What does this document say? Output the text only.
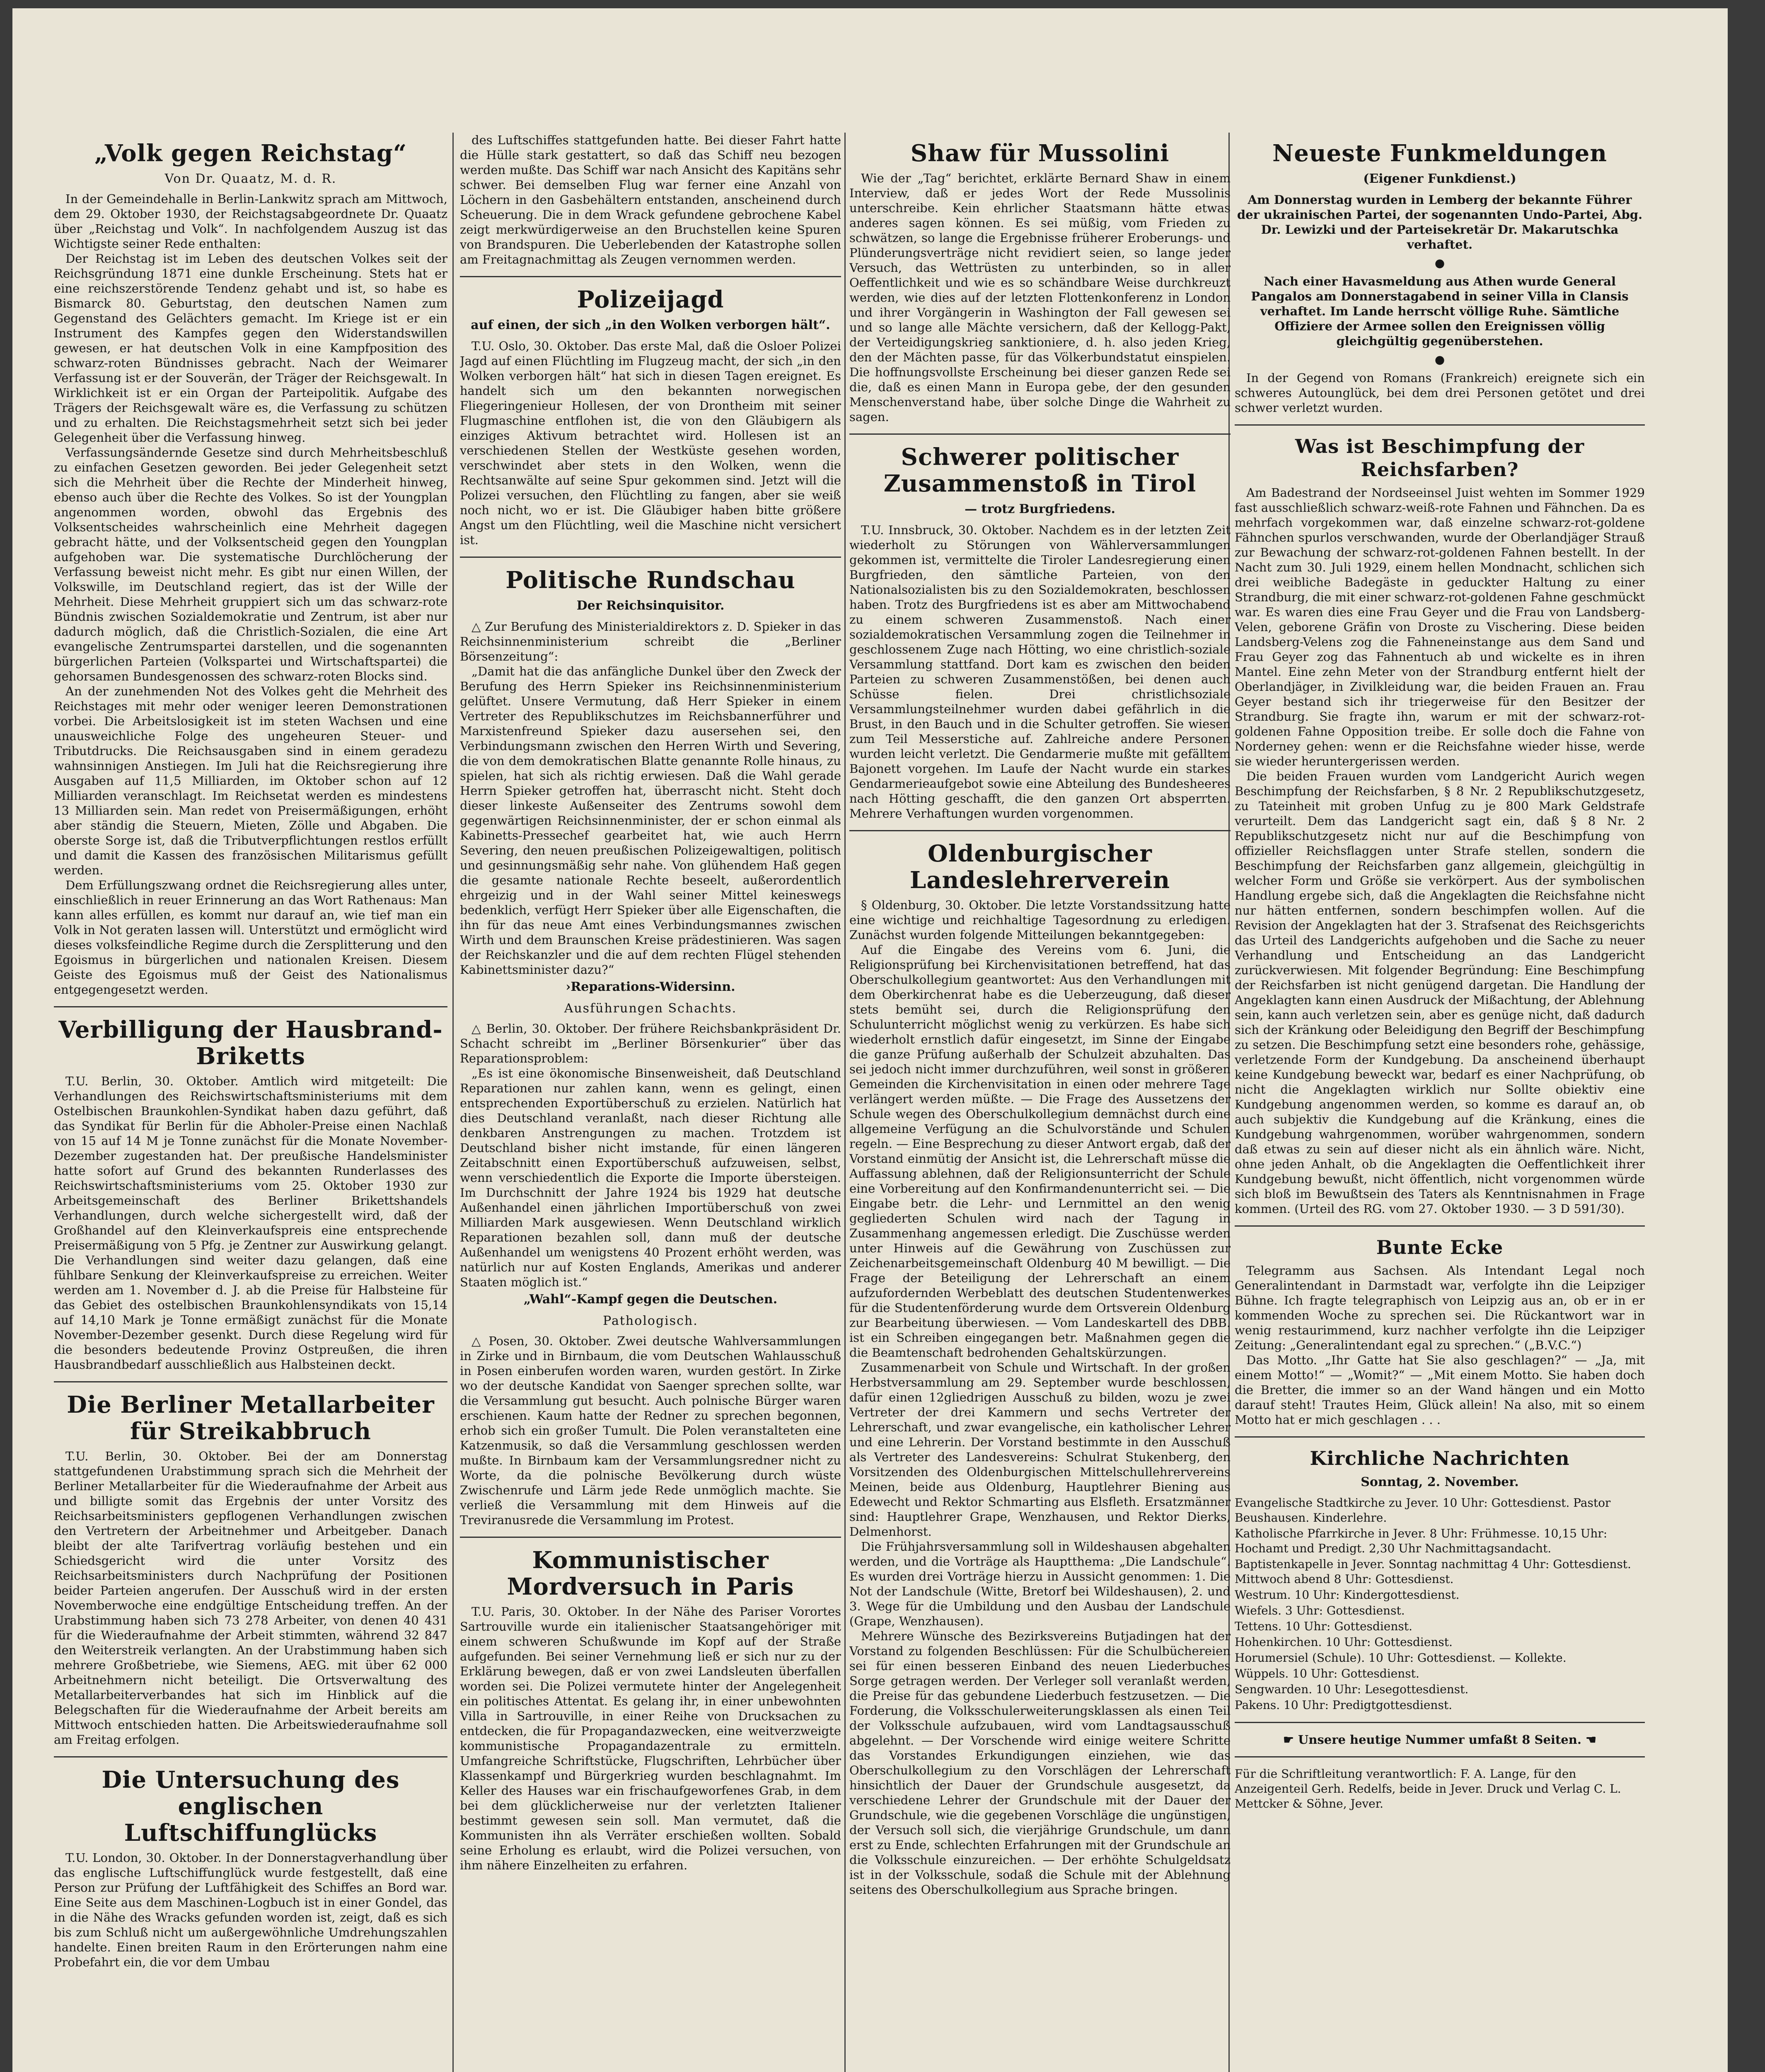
„Volk gegen Reichstag“
Von Dr. Quaatz, M. d. R.
In der Gemeindehalle in Berlin-Lankwitz sprach am Mittwoch, dem 29. Oktober 1930, der Reichstagsabgeordnete Dr. Quaatz über „Reichstag und Volk“. In nachfolgendem Auszug ist das Wichtigste seiner Rede enthalten:
Der Reichstag ist im Leben des deutschen Volkes seit der Reichsgründung 1871 eine dunkle Erscheinung. Stets hat er eine reichszerstörende Tendenz gehabt und ist, so habe es Bismarck 80. Geburtstag, den deutschen Namen zum Gegenstand des Gelächters gemacht. Im Kriege ist er ein Instrument des Kampfes gegen den Widerstandswillen gewesen, er hat deutschen Volk in eine Kampfposition des schwarz-roten Bündnisses gebracht. Nach der Weimarer Verfassung ist er der Souverän, der Träger der Reichsgewalt. In Wirklichkeit ist er ein Organ der Parteipolitik. Aufgabe des Trägers der Reichsgewalt wäre es, die Verfassung zu schützen und zu erhalten. Die Reichstagsmehrheit setzt sich bei jeder Gelegenheit über die Verfassung hinweg.
Verfassungsändernde Gesetze sind durch Mehrheitsbeschluß zu einfachen Gesetzen geworden. Bei jeder Gelegenheit setzt sich die Mehrheit über die Rechte der Minderheit hinweg, ebenso auch über die Rechte des Volkes. So ist der Youngplan angenommen worden, obwohl das Ergebnis des Volksentscheides wahrscheinlich eine Mehrheit dagegen gebracht hätte, und der Volksentscheid gegen den Youngplan aufgehoben war. Die systematische Durchlöcherung der Verfassung beweist nicht mehr. Es gibt nur einen Willen, der Volkswille, im Deutschland regiert, das ist der Wille der Mehrheit. Diese Mehrheit gruppiert sich um das schwarz-rote Bündnis zwischen Sozialdemokratie und Zentrum, ist aber nur dadurch möglich, daß die Christlich-Sozialen, die eine Art evangelische Zentrumspartei darstellen, und die sogenannten bürgerlichen Parteien (Volkspartei und Wirtschaftspartei) die gehorsamen Bundesgenossen des schwarz-roten Blocks sind.
An der zunehmenden Not des Volkes geht die Mehrheit des Reichstages mit mehr oder weniger leeren Demonstrationen vorbei. Die Arbeitslosigkeit ist im steten Wachsen und eine unausweichliche Folge des ungeheuren Steuer- und Tributdrucks. Die Reichsausgaben sind in einem geradezu wahnsinnigen Anstiegen. Im Juli hat die Reichsregierung ihre Ausgaben auf 11,5 Milliarden, im Oktober schon auf 12 Milliarden veranschlagt. Im Reichsetat werden es mindestens 13 Milliarden sein. Man redet von Preisermäßigungen, erhöht aber ständig die Steuern, Mieten, Zölle und Abgaben. Die oberste Sorge ist, daß die Tributverpflichtungen restlos erfüllt und damit die Kassen des französischen Militarismus gefüllt werden.
Dem Erfüllungszwang ordnet die Reichsregierung alles unter, einschließlich in reuer Erinnerung an das Wort Rathenaus: Man kann alles erfüllen, es kommt nur darauf an, wie tief man ein Volk in Not geraten lassen will. Unterstützt und ermöglicht wird dieses volksfeindliche Regime durch die Zersplitterung und den Egoismus in bürgerlichen und nationalen Kreisen. Diesem Geiste des Egoismus muß der Geist des Nationalismus entgegengesetzt werden.
Verbilligung der Hausbrand-Briketts
T.U. Berlin, 30. Oktober. Amtlich wird mitgeteilt: Die Verhandlungen des Reichswirtschaftsministeriums mit dem Ostelbischen Braunkohlen-Syndikat haben dazu geführt, daß das Syndikat für Berlin für die Abholer-Preise einen Nachlaß von 15 auf 14 M je Tonne zunächst für die Monate November-Dezember zugestanden hat. Der preußische Handelsminister hatte sofort auf Grund des bekannten Runderlasses des Reichswirtschaftsministeriums vom 25. Oktober 1930 zur Arbeitsgemeinschaft des Berliner Brikettshandels Verhandlungen, durch welche sichergestellt wird, daß der Großhandel auf den Kleinverkaufspreis eine entsprechende Preisermäßigung von 5 Pfg. je Zentner zur Auswirkung gelangt. Die Verhandlungen sind weiter dazu gelangen, daß eine fühlbare Senkung der Kleinverkaufspreise zu erreichen. Weiter werden am 1. November d. J. ab die Preise für Halbsteine für das Gebiet des ostelbischen Braunkohlensyndikats von 15,14 auf 14,10 Mark je Tonne ermäßigt zunächst für die Monate November-Dezember gesenkt. Durch diese Regelung wird für die besonders bedeutende Provinz Ostpreußen, die ihren Hausbrandbedarf ausschließlich aus Halbsteinen deckt.
Die Berliner Metallarbeiter für Streikabbruch
T.U. Berlin, 30. Oktober. Bei der am Donnerstag stattgefundenen Urabstimmung sprach sich die Mehrheit der Berliner Metallarbeiter für die Wiederaufnahme der Arbeit aus und billigte somit das Ergebnis der unter Vorsitz des Reichsarbeitsministers gepflogenen Verhandlungen zwischen den Vertretern der Arbeitnehmer und Arbeitgeber. Danach bleibt der alte Tarifvertrag vorläufig bestehen und ein Schiedsgericht wird die unter Vorsitz des Reichsarbeitsministers durch Nachprüfung der Positionen beider Parteien angerufen. Der Ausschuß wird in der ersten Novemberwoche eine endgültige Entscheidung treffen. An der Urabstimmung haben sich 73 278 Arbeiter, von denen 40 431 für die Wiederaufnahme der Arbeit stimmten, während 32 847 den Weiterstreik verlangten. An der Urabstimmung haben sich mehrere Großbetriebe, wie Siemens, AEG. mit über 62 000 Arbeitnehmern nicht beteiligt. Die Ortsverwaltung des Metallarbeiterverbandes hat sich im Hinblick auf die Belegschaften für die Wiederaufnahme der Arbeit bereits am Mittwoch entschieden hatten. Die Arbeitswiederaufnahme soll am Freitag erfolgen.
Die Untersuchung des englischen Luftschiffunglücks
T.U. London, 30. Oktober. In der Donnerstagverhandlung über das englische Luftschiffunglück wurde festgestellt, daß eine Person zur Prüfung der Luftfähigkeit des Schiffes an Bord war. Eine Seite aus dem Maschinen-Logbuch ist in einer Gondel, das in die Nähe des Wracks gefunden worden ist, zeigt, daß es sich bis zum Schluß nicht um außergewöhnliche Umdrehungszahlen handelte. Einen breiten Raum in den Erörterungen nahm eine Probefahrt ein, die vor dem Umbau
des Luftschiffes stattgefunden hatte. Bei dieser Fahrt hatte die Hülle stark gestattert, so daß das Schiff neu bezogen werden mußte. Das Schiff war nach Ansicht des Kapitäns sehr schwer. Bei demselben Flug war ferner eine Anzahl von Löchern in den Gasbehältern entstanden, anscheinend durch Scheuerung. Die in dem Wrack gefundene gebrochene Kabel zeigt merkwürdigerweise an den Bruchstellen keine Spuren von Brandspuren. Die Ueberlebenden der Katastrophe sollen am Freitagnachmittag als Zeugen vernommen werden.
Polizeijagd
auf einen, der sich „in den Wolken verborgen hält“.
T.U. Oslo, 30. Oktober. Das erste Mal, daß die Osloer Polizei Jagd auf einen Flüchtling im Flugzeug macht, der sich „in den Wolken verborgen hält“ hat sich in diesen Tagen ereignet. Es handelt sich um den bekannten norwegischen Fliegeringenieur Hollesen, der von Drontheim mit seiner Flugmaschine entflohen ist, die von den Gläubigern als einziges Aktivum betrachtet wird. Hollesen ist an verschiedenen Stellen der Westküste gesehen worden, verschwindet aber stets in den Wolken, wenn die Rechtsanwälte auf seine Spur gekommen sind. Jetzt will die Polizei versuchen, den Flüchtling zu fangen, aber sie weiß noch nicht, wo er ist. Die Gläubiger haben bitte größere Angst um den Flüchtling, weil die Maschine nicht versichert ist.
Politische Rundschau
Der Reichsinquisitor.
△ Zur Berufung des Ministerialdirektors z. D. Spieker in das Reichsinnenministerium schreibt die „Berliner Börsenzeitung“:
„Damit hat die das anfängliche Dunkel über den Zweck der Berufung des Herrn Spieker ins Reichsinnenministerium gelüftet. Unsere Vermutung, daß Herr Spieker in einem Vertreter des Republikschutzes im Reichsbannerführer und Marxistenfreund Spieker dazu ausersehen sei, den Verbindungsmann zwischen den Herren Wirth und Severing, die von dem demokratischen Blatte genannte Rolle hinaus, zu spielen, hat sich als richtig erwiesen. Daß die Wahl gerade Herrn Spieker getroffen hat, überrascht nicht. Steht doch dieser linkeste Außenseiter des Zentrums sowohl dem gegenwärtigen Reichsinnenminister, der er schon einmal als Kabinetts-Pressechef gearbeitet hat, wie auch Herrn Severing, den neuen preußischen Polizeigewaltigen, politisch und gesinnungsmäßig sehr nahe. Von glühendem Haß gegen die gesamte nationale Rechte beseelt, außerordentlich ehrgeizig und in der Wahl seiner Mittel keineswegs bedenklich, verfügt Herr Spieker über alle Eigenschaften, die ihn für das neue Amt eines Verbindungsmannes zwischen Wirth und dem Braunschen Kreise prädestinieren. Was sagen der Reichskanzler und die auf dem rechten Flügel stehenden Kabinettsminister dazu?“
›Reparations-Widersinn.
Ausführungen Schachts.
△ Berlin, 30. Oktober. Der frühere Reichsbankpräsident Dr. Schacht schreibt im „Berliner Börsenkurier“ über das Reparationsproblem:
„Es ist eine ökonomische Binsenweisheit, daß Deutschland Reparationen nur zahlen kann, wenn es gelingt, einen entsprechenden Exportüberschuß zu erzielen. Natürlich hat dies Deutschland veranlaßt, nach dieser Richtung alle denkbaren Anstrengungen zu machen. Trotzdem ist Deutschland bisher nicht imstande, für einen längeren Zeitabschnitt einen Exportüberschuß aufzuweisen, selbst, wenn verschiedentlich die Exporte die Importe übersteigen. Im Durchschnitt der Jahre 1924 bis 1929 hat deutsche Außenhandel einen jährlichen Importüberschuß von zwei Milliarden Mark ausgewiesen. Wenn Deutschland wirklich Reparationen bezahlen soll, dann muß der deutsche Außenhandel um wenigstens 40 Prozent erhöht werden, was natürlich nur auf Kosten Englands, Amerikas und anderer Staaten möglich ist.“
„Wahl“-Kampf gegen die Deutschen.
Pathologisch.
△ Posen, 30. Oktober. Zwei deutsche Wahlversammlungen in Zirke und in Birnbaum, die vom Deutschen Wahlausschuß in Posen einberufen worden waren, wurden gestört. In Zirke wo der deutsche Kandidat von Saenger sprechen sollte, war die Versammlung gut besucht. Auch polnische Bürger waren erschienen. Kaum hatte der Redner zu sprechen begonnen, erhob sich ein großer Tumult. Die Polen veranstalteten eine Katzenmusik, so daß die Versammlung geschlossen werden mußte. In Birnbaum kam der Versammlungsredner nicht zu Worte, da die polnische Bevölkerung durch wüste Zwischenrufe und Lärm jede Rede unmöglich machte. Sie verließ die Versammlung mit dem Hinweis auf die Treviranusrede die Versammlung im Protest.
Kommunistischer Mordversuch in Paris
T.U. Paris, 30. Oktober. In der Nähe des Pariser Vorortes Sartrouville wurde ein italienischer Staatsangehöriger mit einem schweren Schußwunde im Kopf auf der Straße aufgefunden. Bei seiner Vernehmung ließ er sich nur zu der Erklärung bewegen, daß er von zwei Landsleuten überfallen worden sei. Die Polizei vermutete hinter der Angelegenheit ein politisches Attentat. Es gelang ihr, in einer unbewohnten Villa in Sartrouville, in einer Reihe von Drucksachen zu entdecken, die für Propagandazwecken, eine weitverzweigte kommunistische Propagandazentrale zu ermitteln. Umfangreiche Schriftstücke, Flugschriften, Lehrbücher über Klassenkampf und Bürgerkrieg wurden beschlagnahmt. Im Keller des Hauses war ein frischaufgeworfenes Grab, in dem bei dem glücklicherweise nur der verletzten Italiener bestimmt gewesen sein soll. Man vermutet, daß die Kommunisten ihn als Verräter erschießen wollten. Sobald seine Erholung es erlaubt, wird die Polizei versuchen, von ihm nähere Einzelheiten zu erfahren.
Shaw für Mussolini
Wie der „Tag“ berichtet, erklärte Bernard Shaw in einem Interview, daß er jedes Wort der Rede Mussolinis unterschreibe. Kein ehrlicher Staatsmann hätte etwas anderes sagen können. Es sei müßig, vom Frieden zu schwätzen, so lange die Ergebnisse früherer Eroberungs- und Plünderungsverträge nicht revidiert seien, so lange jeder Versuch, das Wettrüsten zu unterbinden, so in aller Oeffentlichkeit und wie es so schändbare Weise durchkreuzt werden, wie dies auf der letzten Flottenkonferenz in London und ihrer Vorgängerin in Washington der Fall gewesen sei und so lange alle Mächte versichern, daß der Kellogg-Pakt, der Verteidigungskrieg sanktioniere, d. h. also jeden Krieg, den der Mächten passe, für das Völkerbundstatut einspielen. Die hoffnungsvollste Erscheinung bei dieser ganzen Rede sei die, daß es einen Mann in Europa gebe, der den gesunden Menschenverstand habe, über solche Dinge die Wahrheit zu sagen.
Schwerer politischer Zusammenstoß in Tirol
— trotz Burgfriedens.
T.U. Innsbruck, 30. Oktober. Nachdem es in der letzten Zeit wiederholt zu Störungen von Wählerversammlungen gekommen ist, vermittelte die Tiroler Landesregierung einen Burgfrieden, den sämtliche Parteien, von den Nationalsozialisten bis zu den Sozialdemokraten, beschlossen haben. Trotz des Burgfriedens ist es aber am Mittwochabend zu einem schweren Zusammenstoß. Nach einer sozialdemokratischen Versammlung zogen die Teilnehmer in geschlossenem Zuge nach Hötting, wo eine christlich-soziale Versammlung stattfand. Dort kam es zwischen den beiden Parteien zu schweren Zusammenstößen, bei denen auch Schüsse fielen. Drei christlichsoziale Versammlungsteilnehmer wurden dabei gefährlich in die Brust, in den Bauch und in die Schulter getroffen. Sie wiesen zum Teil Messerstiche auf. Zahlreiche andere Personen wurden leicht verletzt. Die Gendarmerie mußte mit gefälltem Bajonett vorgehen. Im Laufe der Nacht wurde ein starkes Gendarmerieaufgebot sowie eine Abteilung des Bundesheeres nach Hötting geschafft, die den ganzen Ort absperrten. Mehrere Verhaftungen wurden vorgenommen.
Oldenburgischer Landeslehrerverein
§ Oldenburg, 30. Oktober. Die letzte Vorstandssitzung hatte eine wichtige und reichhaltige Tagesordnung zu erledigen. Zunächst wurden folgende Mitteilungen bekanntgegeben:
Auf die Eingabe des Vereins vom 6. Juni, die Religionsprüfung bei Kirchenvisitationen betreffend, hat das Oberschulkollegium geantwortet: Aus den Verhandlungen mit dem Oberkirchenrat habe es die Ueberzeugung, daß dieser stets bemüht sei, durch die Religionsprüfung den Schulunterricht möglichst wenig zu verkürzen. Es habe sich wiederholt ernstlich dafür eingesetzt, im Sinne der Eingabe die ganze Prüfung außerhalb der Schulzeit abzuhalten. Das sei jedoch nicht immer durchzuführen, weil sonst in größeren Gemeinden die Kirchenvisitation in einen oder mehrere Tage verlängert werden müßte. — Die Frage des Aussetzens der Schule wegen des Oberschulkollegium demnächst durch eine allgemeine Verfügung an die Schulvorstände und Schulen regeln. — Eine Besprechung zu dieser Antwort ergab, daß der Vorstand einmütig der Ansicht ist, die Lehrerschaft müsse die Auffassung ablehnen, daß der Religionsunterricht der Schule eine Vorbereitung auf den Konfirmandenunterricht sei. — Die Eingabe betr. die Lehr- und Lernmittel an den wenig gegliederten Schulen wird nach der Tagung in Zusammenhang angemessen erledigt. Die Zuschüsse werden unter Hinweis auf die Gewährung von Zuschüssen zur Zeichenarbeitsgemeinschaft Oldenburg 40 M bewilligt. — Die Frage der Beteiligung der Lehrerschaft an einem aufzufordernden Werbeblatt des deutschen Studentenwerkes für die Studentenförderung wurde dem Ortsverein Oldenburg zur Bearbeitung überwiesen. — Vom Landeskartell des DBB. ist ein Schreiben eingegangen betr. Maßnahmen gegen die die Beamtenschaft bedrohenden Gehaltskürzungen.
Zusammenarbeit von Schule und Wirtschaft. In der großen Herbstversammlung am 29. September wurde beschlossen, dafür einen 12gliedrigen Ausschuß zu bilden, wozu je zwei Vertreter der drei Kammern und sechs Vertreter der Lehrerschaft, und zwar evangelische, ein katholischer Lehrer und eine Lehrerin. Der Vorstand bestimmte in den Ausschuß als Vertreter des Landesvereins: Schulrat Stukenberg, den Vorsitzenden des Oldenburgischen Mittelschullehrervereins Meinen, beide aus Oldenburg, Hauptlehrer Biening aus Edewecht und Rektor Schmarting aus Elsfleth. Ersatzmänner sind: Hauptlehrer Grape, Wenzhausen, und Rektor Dierks, Delmenhorst.
Die Frühjahrsversammlung soll in Wildeshausen abgehalten werden, und die Vorträge als Hauptthema: „Die Landschule“. Es wurden drei Vorträge hierzu in Aussicht genommen: 1. Die Not der Landschule (Witte, Bretorf bei Wildeshausen), 2. und 3. Wege für die Umbildung und den Ausbau der Landschule (Grape, Wenzhausen).
Mehrere Wünsche des Bezirksvereins Butjadingen hat der Vorstand zu folgenden Beschlüssen: Für die Schulbüchereien sei für einen besseren Einband des neuen Liederbuches Sorge getragen werden. Der Verleger soll veranlaßt werden, die Preise für das gebundene Liederbuch festzusetzen. — Die Forderung, die Volksschulerweiterungsklassen als einen Teil der Volksschule aufzubauen, wird vom Landtagsausschuß abgelehnt. — Der Vorschende wird einige weitere Schritte das Vorstandes Erkundigungen einziehen, wie das Oberschulkollegium zu den Vorschlägen der Lehrerschaft hinsichtlich der Dauer der Grundschule ausgesetzt, da verschiedene Lehrer der Grundschule mit der Dauer der Grundschule, wie die gegebenen Vorschläge die ungünstigen, der Versuch soll sich, die vierjährige Grundschule, um dann erst zu Ende, schlechten Erfahrungen mit der Grundschule an die Volksschule einzureichen. — Der erhöhte Schulgeldsatz ist in der Volksschule, sodaß die Schule mit der Ablehnung seitens des Oberschulkollegium aus Sprache bringen.
Neueste Funkmeldungen
(Eigener Funkdienst.)
Am Donnerstag wurden in Lemberg der bekannte Führer der ukrainischen Partei, der sogenannten Undo-Partei, Abg. Dr. Lewizki und der Parteisekretär Dr. Makarutschka verhaftet.
●
Nach einer Havasmeldung aus Athen wurde General Pangalos am Donnerstagabend in seiner Villa in Clansis verhaftet. Im Lande herrscht völlige Ruhe. Sämtliche Offiziere der Armee sollen den Ereignissen völlig gleichgültig gegenüberstehen.
●
In der Gegend von Romans (Frankreich) ereignete sich ein schweres Autounglück, bei dem drei Personen getötet und drei schwer verletzt wurden.
Was ist Beschimpfung der Reichsfarben?
Am Badestrand der Nordseeinsel Juist wehten im Sommer 1929 fast ausschließlich schwarz-weiß-rote Fahnen und Fähnchen. Da es mehrfach vorgekommen war, daß einzelne schwarz-rot-goldene Fähnchen spurlos verschwanden, wurde der Oberlandjäger Strauß zur Bewachung der schwarz-rot-goldenen Fahnen bestellt. In der Nacht zum 30. Juli 1929, einem hellen Mondnacht, schlichen sich drei weibliche Badegäste in geduckter Haltung zu einer Strandburg, die mit einer schwarz-rot-goldenen Fahne geschmückt war. Es waren dies eine Frau Geyer und die Frau von Landsberg-Velen, geborene Gräfin von Droste zu Vischering. Diese beiden Landsberg-Velens zog die Fahneneinstange aus dem Sand und Frau Geyer zog das Fahnentuch ab und wickelte es in ihren Mantel. Eine zehn Meter von der Strandburg entfernt hielt der Oberlandjäger, in Zivilkleidung war, die beiden Frauen an. Frau Geyer bestand sich ihr triegerweise für den Besitzer der Strandburg. Sie fragte ihn, warum er mit der schwarz-rot-goldenen Fahne Opposition treibe. Er solle doch die Fahne von Norderney gehen: wenn er die Reichsfahne wieder hisse, werde sie wieder heruntergerissen werden.
Die beiden Frauen wurden vom Landgericht Aurich wegen Beschimpfung der Reichsfarben, § 8 Nr. 2 Republikschutzgesetz, zu Tateinheit mit groben Unfug zu je 800 Mark Geldstrafe verurteilt. Dem das Landgericht sagt ein, daß § 8 Nr. 2 Republikschutzgesetz nicht nur auf die Beschimpfung von offizieller Reichsflaggen unter Strafe stellen, sondern die Beschimpfung der Reichsfarben ganz allgemein, gleichgültig in welcher Form und Größe sie verkörpert. Aus der symbolischen Handlung ergebe sich, daß die Angeklagten die Reichsfahne nicht nur hätten entfernen, sondern beschimpfen wollen. Auf die Revision der Angeklagten hat der 3. Strafsenat des Reichsgerichts das Urteil des Landgerichts aufgehoben und die Sache zu neuer Verhandlung und Entscheidung an das Landgericht zurückverwiesen. Mit folgender Begründung: Eine Beschimpfung der Reichsfarben ist nicht genügend dargetan. Die Handlung der Angeklagten kann einen Ausdruck der Mißachtung, der Ablehnung sein, kann auch verletzen sein, aber es genüge nicht, daß dadurch sich der Kränkung oder Beleidigung den Begriff der Beschimpfung zu setzen. Die Beschimpfung setzt eine besonders rohe, gehässige, verletzende Form der Kundgebung. Da anscheinend überhaupt keine Kundgebung beweckt war, bedarf es einer Nachprüfung, ob nicht die Angeklagten wirklich nur Sollte obiektiv eine Kundgebung angenommen werden, so komme es darauf an, ob auch subjektiv die Kundgebung auf die Kränkung, eines die Kundgebung wahrgenommen, worüber wahrgenommen, sondern daß etwas zu sein auf dieser nicht als ein ähnlich wäre. Nicht, ohne jeden Anhalt, ob die Angeklagten die Oeffentlichkeit ihrer Kundgebung bewußt, nicht öffentlich, nicht vorgenommen würde sich bloß im Bewußtsein des Taters als Kenntnisnahmen in Frage kommen. (Urteil des RG. vom 27. Oktober 1930. — 3 D 591/30).
Bunte Ecke
Telegramm aus Sachsen. Als Intendant Legal noch Generalintendant in Darmstadt war, verfolgte ihn die Leipziger Bühne. Ich fragte telegraphisch von Leipzig aus an, ob er in er kommenden Woche zu sprechen sei. Die Rückantwort war in wenig restaurimmend, kurz nachher verfolgte ihn die Leipziger Zeitung: „Generalintendant egal zu sprechen.“ („B.V.C.“)
Das Motto. „Ihr Gatte hat Sie also geschlagen?“ — „Ja, mit einem Motto!“ — „Womit?“ — „Mit einem Motto. Sie haben doch die Bretter, die immer so an der Wand hängen und ein Motto darauf steht! Trautes Heim, Glück allein! Na also, mit so einem Motto hat er mich geschlagen . . .
Kirchliche Nachrichten
Sonntag, 2. November.
Evangelische Stadtkirche zu Jever. 10 Uhr: Gottesdienst. Pastor Beushausen. Kinderlehre.
Katholische Pfarrkirche in Jever. 8 Uhr: Frühmesse. 10,15 Uhr: Hochamt und Predigt. 2,30 Uhr Nachmittagsandacht.
Baptistenkapelle in Jever. Sonntag nachmittag 4 Uhr: Gottesdienst. Mittwoch abend 8 Uhr: Gottesdienst.
Westrum. 10 Uhr: Kindergottesdienst.
Wiefels. 3 Uhr: Gottesdienst.
Tettens. 10 Uhr: Gottesdienst.
Hohenkirchen. 10 Uhr: Gottesdienst.
Horumersiel (Schule). 10 Uhr: Gottesdienst. — Kollekte.
Wüppels. 10 Uhr: Gottesdienst.
Sengwarden. 10 Uhr: Lesegottesdienst.
Pakens. 10 Uhr: Predigtgottesdienst.
☛ Unsere heutige Nummer umfaßt 8 Seiten. ☚
Für die Schriftleitung verantwortlich: F. A. Lange, für den Anzeigenteil Gerh. Redelfs, beide in Jever. Druck und Verlag C. L. Mettcker & Söhne, Jever.
